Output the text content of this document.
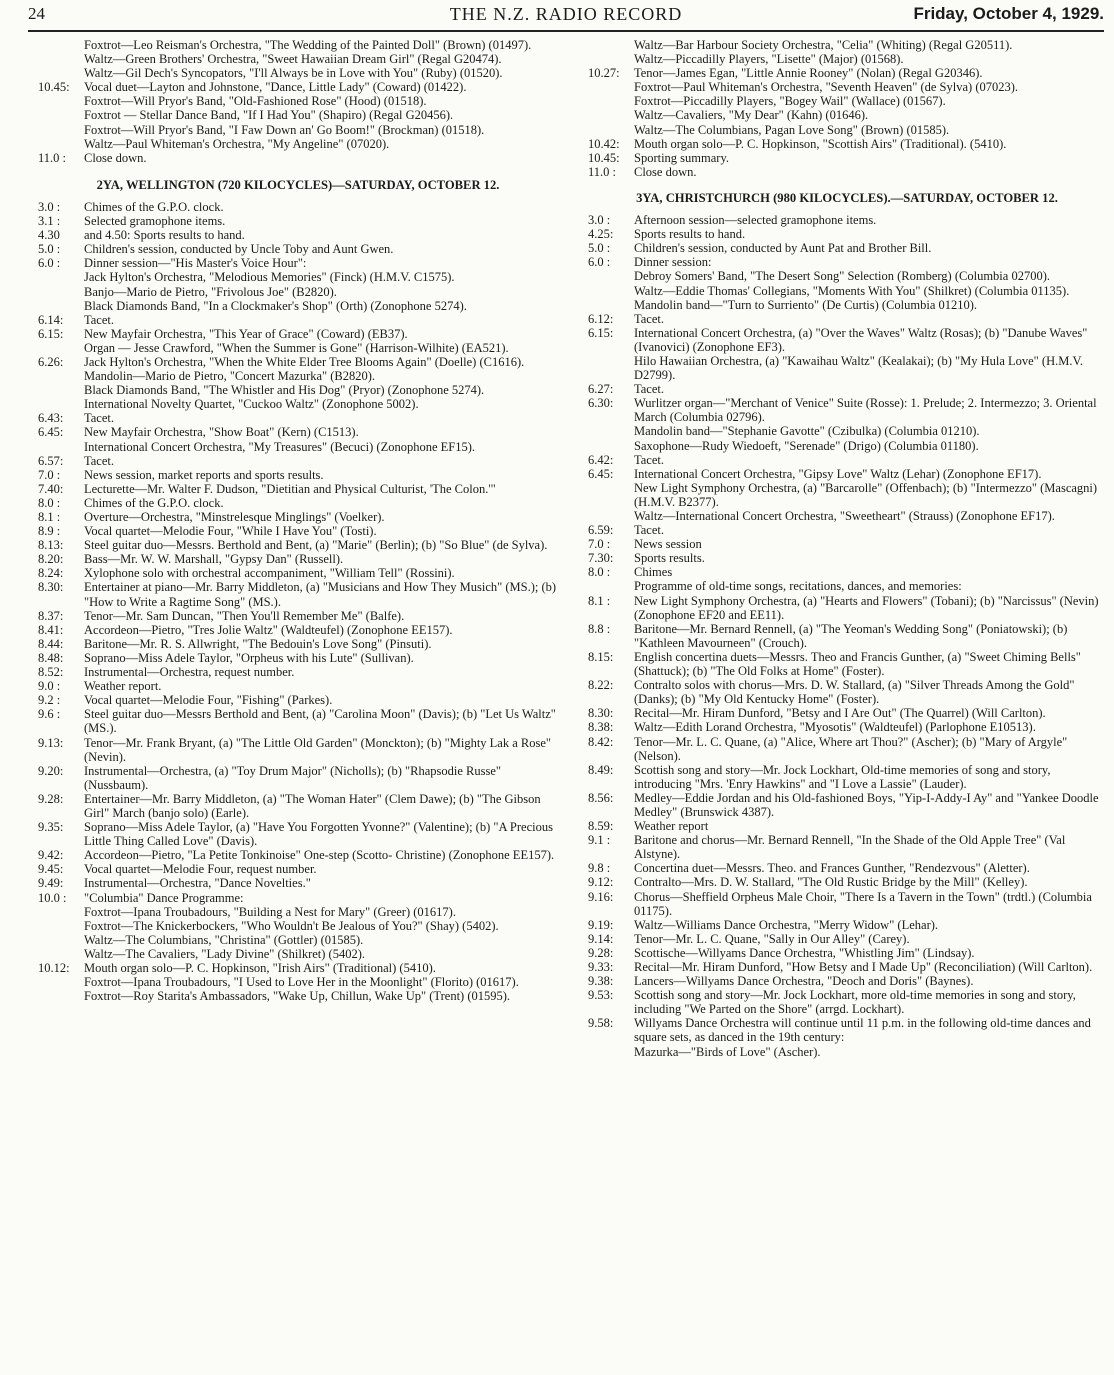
24	THE N.Z. RADIO RECORD	Friday, October 4, 1929.
Foxtrot—Leo Reisman's Orchestra, "The Wedding of the Painted Doll" (Brown) (01497).
Waltz—Green Brothers' Orchestra, "Sweet Hawaiian Dream Girl" (Regal G20474).
Waltz—Gil Dech's Syncopators, "I'll Always be in Love with You" (Ruby) (01520).
10.45:	Vocal duet—Layton and Johnstone, "Dance, Little Lady" (Coward) (01422).
Foxtrot—Will Pryor's Band, "Old-Fashioned Rose" (Hood) (01518).
Foxtrot — Stellar Dance Band, "If I Had You" (Shapiro) (Regal G20456).
Foxtrot—Will Pryor's Band, "I Faw Down an' Go Boom!" (Brockman) (01518).
Waltz—Paul Whiteman's Orchestra, "My Angeline" (07020).
11.0 :	Close down.
2YA, WELLINGTON (720 KILOCYCLES)—SATURDAY, OCTOBER 12.
3.0 :	Chimes of the G.P.O. clock.
3.1 :	Selected gramophone items.
4.30	and 4.50: Sports results to hand.
5.0 :	Children's session, conducted by Uncle Toby and Aunt Gwen.
6.0 :	Dinner session—"His Master's Voice Hour":
Jack Hylton's Orchestra, "Melodious Memories" (Finck) (H.M.V. C1575).
Banjo—Mario de Pietro, "Frivolous Joe" (B2820).
Black Diamonds Band, "In a Clockmaker's Shop" (Orth) (Zonophone 5274).
6.14:	Tacet.
6.15:	New Mayfair Orchestra, "This Year of Grace" (Coward) (EB37).
Organ — Jesse Crawford, "When the Summer is Gone" (Harrison-Wilhite) (EA521).
6.26:	Jack Hylton's Orchestra, "When the White Elder Tree Blooms Again" (Doelle) (C1616).
Mandolin—Mario de Pietro, "Concert Mazurka" (B2820).
Black Diamonds Band, "The Whistler and His Dog" (Pryor) (Zonophone 5274).
International Novelty Quartet, "Cuckoo Waltz" (Zonophone 5002).
6.43:	Tacet.
6.45:	New Mayfair Orchestra, "Show Boat" (Kern) (C1513).
International Concert Orchestra, "My Treasures" (Becuci) (Zonophone EF15).
6.57:	Tacet.
7.0 :	News session, market reports and sports results.
7.40:	Lecturette—Mr. Walter F. Dudson, "Dietitian and Physical Culturist, 'The Colon.'"
8.0 :	Chimes of the G.P.O. clock.
8.1 :	Overture—Orchestra, "Minstrelesque Minglings" (Voelker).
8.9 :	Vocal quartet—Melodie Four, "While I Have You" (Tosti).
8.13:	Steel guitar duo—Messrs. Berthold and Bent, (a) "Marie" (Berlin); (b) "So Blue" (de Sylva).
8.20:	Bass—Mr. W. W. Marshall, "Gypsy Dan" (Russell).
8.24:	Xylophone solo with orchestral accompaniment, "William Tell" (Rossini).
8.30:	Entertainer at piano—Mr. Barry Middleton, (a) "Musicians and How They Musich" (MS.); (b) "How to Write a Ragtime Song" (MS.).
8.37:	Tenor—Mr. Sam Duncan, "Then You'll Remember Me" (Balfe).
8.41:	Accordeon—Pietro, "Tres Jolie Waltz" (Waldteufel) (Zonophone EE157).
8.44:	Baritone—Mr. R. S. Allwright, "The Bedouin's Love Song" (Pinsuti).
8.48:	Soprano—Miss Adele Taylor, "Orpheus with his Lute" (Sullivan).
8.52:	Instrumental—Orchestra, request number.
9.0 :	Weather report.
9.2 :	Vocal quartet—Melodie Four, "Fishing" (Parkes).
9.6 :	Steel guitar duo—Messrs Berthold and Bent, (a) "Carolina Moon" (Davis); (b) "Let Us Waltz" (MS.).
9.13:	Tenor—Mr. Frank Bryant, (a) "The Little Old Garden" (Monckton); (b) "Mighty Lak a Rose" (Nevin).
9.20:	Instrumental—Orchestra, (a) "Toy Drum Major" (Nicholls); (b) "Rhapsodie Russe" (Nussbaum).
9.28:	Entertainer—Mr. Barry Middleton, (a) "The Woman Hater" (Clem Dawe); (b) "The Gibson Girl" March (banjo solo) (Earle).
9.35:	Soprano—Miss Adele Taylor, (a) "Have You Forgotten Yvonne?" (Valentine); (b) "A Precious Little Thing Called Love" (Davis).
9.42:	Accordeon—Pietro, "La Petite Tonkinoise" One-step (Scotto- Christine) (Zonophone EE157).
9.45:	Vocal quartet—Melodie Four, request number.
9.49:	Instrumental—Orchestra, "Dance Novelties."
10.0 :	"Columbia" Dance Programme:
Foxtrot—Ipana Troubadours, "Building a Nest for Mary" (Greer) (01617).
Foxtrot—The Knickerbockers, "Who Wouldn't Be Jealous of You?" (Shay) (5402).
Waltz—The Columbians, "Christina" (Gottler) (01585).
Waltz—The Cavaliers, "Lady Divine" (Shilkret) (5402).
10.12:	Mouth organ solo—P. C. Hopkinson, "Irish Airs" (Traditional) (5410).
Foxtrot—Ipana Troubadours, "I Used to Love Her in the Moonlight" (Florito) (01617).
Foxtrot—Roy Starita's Ambassadors, "Wake Up, Chillun, Wake Up" (Trent) (01595).
Waltz—Bar Harbour Society Orchestra, "Celia" (Whiting) (Regal G20511).
Waltz—Piccadilly Players, "Lisette" (Major) (01568).
10.27:	Tenor—James Egan, "Little Annie Rooney" (Nolan) (Regal G20346).
Foxtrot—Paul Whiteman's Orchestra, "Seventh Heaven" (de Sylva) (07023).
Foxtrot—Piccadilly Players, "Bogey Wail" (Wallace) (01567).
Waltz—Cavaliers, "My Dear" (Kahn) (01646).
Waltz—The Columbians, Pagan Love Song" (Brown) (01585).
10.42:	Mouth organ solo—P. C. Hopkinson, "Scottish Airs" (Traditional). (5410).
10.45:	Sporting summary.
11.0 :	Close down.
3YA, CHRISTCHURCH (980 KILOCYCLES).—SATURDAY, OCTOBER 12.
3.0 :	Afternoon session—selected gramophone items.
4.25:	Sports results to hand.
5.0 :	Children's session, conducted by Aunt Pat and Brother Bill.
6.0 :	Dinner session:
Debroy Somers' Band, "The Desert Song" Selection (Romberg) (Columbia 02700).
Waltz—Eddie Thomas' Collegians, "Moments With You" (Shilkret) (Columbia 01135).
Mandolin band—"Turn to Surriento" (De Curtis) (Columbia 01210).
6.12:	Tacet.
6.15:	International Concert Orchestra, (a) "Over the Waves" Waltz (Rosas); (b) "Danube Waves" (Ivanovici) (Zonophone EF3).
Hilo Hawaiian Orchestra, (a) "Kawaihau Waltz" (Kealakai); (b) "My Hula Love" (H.M.V. D2799).
6.27:	Tacet.
6.30:	Wurlitzer organ—"Merchant of Venice" Suite (Rosse): 1. Prelude; 2. Intermezzo; 3. Oriental March (Columbia 02796).
Mandolin band—"Stephanie Gavotte" (Czibulka) (Columbia 01210).
Saxophone—Rudy Wiedoeft, "Serenade" (Drigo) (Columbia 01180).
6.42:	Tacet.
6.45:	International Concert Orchestra, "Gipsy Love" Waltz (Lehar) (Zonophone EF17).
New Light Symphony Orchestra, (a) "Barcarolle" (Offenbach); (b) "Intermezzo" (Mascagni) (H.M.V. B2377).
Waltz—International Concert Orchestra, "Sweetheart" (Strauss) (Zonophone EF17).
6.59:	Tacet.
7.0 :	News session
7.30:	Sports results.
8.0 :	Chimes
Programme of old-time songs, recitations, dances, and memories:
8.1 :	New Light Symphony Orchestra, (a) "Hearts and Flowers" (Tobani); (b) "Narcissus" (Nevin) (Zonophone EF20 and EE11).
8.8 :	Baritone—Mr. Bernard Rennell, (a) "The Yeoman's Wedding Song" (Poniatowski); (b) "Kathleen Mavourneen" (Crouch).
8.15:	English concertina duets—Messrs. Theo and Francis Gunther, (a) "Sweet Chiming Bells" (Shattuck); (b) "The Old Folks at Home" (Foster).
8.22:	Contralto solos with chorus—Mrs. D. W. Stallard, (a) "Silver Threads Among the Gold" (Danks); (b) "My Old Kentucky Home" (Foster).
8.30:	Recital—Mr. Hiram Dunford, "Betsy and I Are Out" (The Quarrel) (Will Carlton).
8.38:	Waltz—Edith Lorand Orchestra, "Myosotis" (Waldteufel) (Parlophone E10513).
8.42:	Tenor—Mr. L. C. Quane, (a) "Alice, Where art Thou?" (Ascher); (b) "Mary of Argyle" (Nelson).
8.49:	Scottish song and story—Mr. Jock Lockhart, Old-time memories of song and story, introducing "Mrs. 'Enry Hawkins" and "I Love a Lassie" (Lauder).
8.56:	Medley—Eddie Jordan and his Old-fashioned Boys, "Yip-I-Addy-I Ay" and "Yankee Doodle Medley" (Brunswick 4387).
8.59:	Weather report
9.1 :	Baritone and chorus—Mr. Bernard Rennell, "In the Shade of the Old Apple Tree" (Val Alstyne).
9.8 :	Concertina duet—Messrs. Theo. and Frances Gunther, "Rendezvous" (Aletter).
9.12:	Contralto—Mrs. D. W. Stallard, "The Old Rustic Bridge by the Mill" (Kelley).
9.16:	Chorus—Sheffield Orpheus Male Choir, "There Is a Tavern in the Town" (trdtl.) (Columbia 01175).
9.19:	Waltz—Williams Dance Orchestra, "Merry Widow" (Lehar).
9.14:	Tenor—Mr. L. C. Quane, "Sally in Our Alley" (Carey).
9.28:	Scottische—Willyams Dance Orchestra, "Whistling Jim" (Lindsay).
9.33:	Recital—Mr. Hiram Dunford, "How Betsy and I Made Up" (Reconciliation) (Will Carlton).
9.38:	Lancers—Willyams Dance Orchestra, "Deoch and Doris" (Baynes).
9.53:	Scottish song and story—Mr. Jock Lockhart, more old-time memories in song and story, including "We Parted on the Shore" (arrgd. Lockhart).
9.58:	Willyams Dance Orchestra will continue until 11 p.m. in the following old-time dances and square sets, as danced in the 19th century:
Mazurka—"Birds of Love" (Ascher).
